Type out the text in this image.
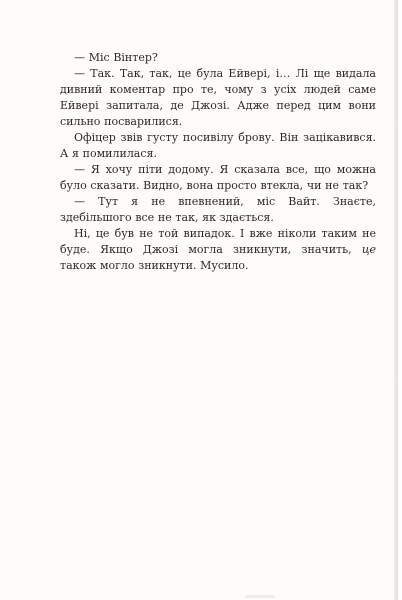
— Міс Вінтер?

— Так. Так, так, це була Ейвері, і… Лі ще видала дивний коментар про те, чому з усіх людей саме Ейвері запитала, де Джозі. Адже перед цим вони сильно посварилися.

Офіцер звів густу посивілу брову. Він зацікавився. А я помилилася.

— Я хочу піти додому. Я сказала все, що можна було сказати. Видно, вона просто втекла, чи не так?

— Тут я не впевнений, міс Вайт. Знаєте, здебільшого все не так, як здається.

Ні, це був не той випадок. І вже ніколи таким не буде. Якщо Джозі могла зникнути, значить, це також могло зникнути. Мусило.
